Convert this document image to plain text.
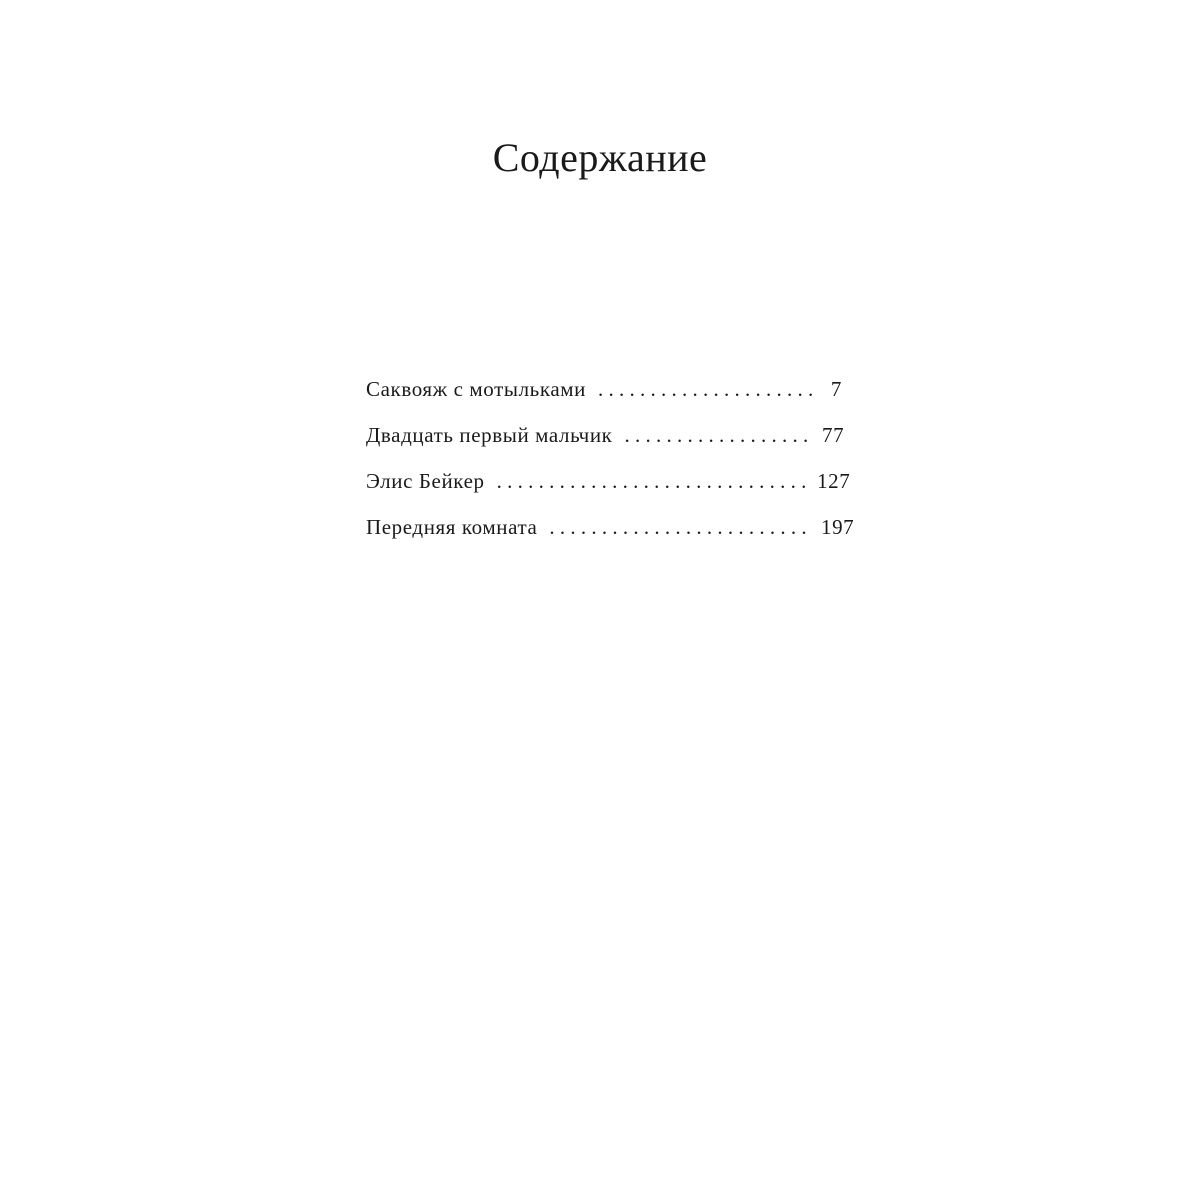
Содержание
Саквояж с мотыльками . . .	7
Двадцать первый мальчик . . .	77
Элис Бейкер . . .	127
Передняя комната . . .	197
